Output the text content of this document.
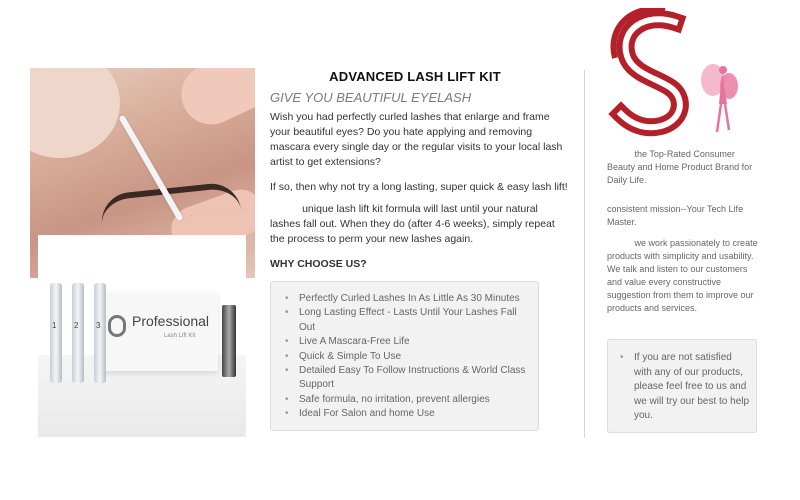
Professional
Lash Lift Kit
1 2 3
ADVANCED LASH LIFT KIT
GIVE YOU BEAUTIFUL EYELASH
Wish you had perfectly curled lashes that enlarge and frame your beautiful eyes? Do you hate applying and removing mascara every single day or the regular visits to your local lash artist to get extensions?
If so, then why not try a long lasting, super quick & easy lash lift!
unique lash lift kit formula will last until your natural lashes fall out. When they do (after 4-6 weeks), simply repeat the process to perm your new lashes again.
WHY CHOOSE US?
• Perfectly Curled Lashes In As Little As 30 Minutes
• Long Lasting Effect - Lasts Until Your Lashes Fall Out
• Live A Mascara-Free Life
• Quick & Simple To Use
• Detailed Easy To Follow Instructions & World Class Support
• Safe formula, no irritation, prevent allergies
• Ideal For Salon and home Use
the Top-Rated Consumer Beauty and Home Product Brand for Daily Life.
consistent mission--Your Tech Life Master.
we work passionately to create products with simplicity and usability. We talk and listen to our customers and value every constructive suggestion from them to improve our products and services.
• If you are not satisfied with any of our products, please feel free to us and we will try our best to help you.
